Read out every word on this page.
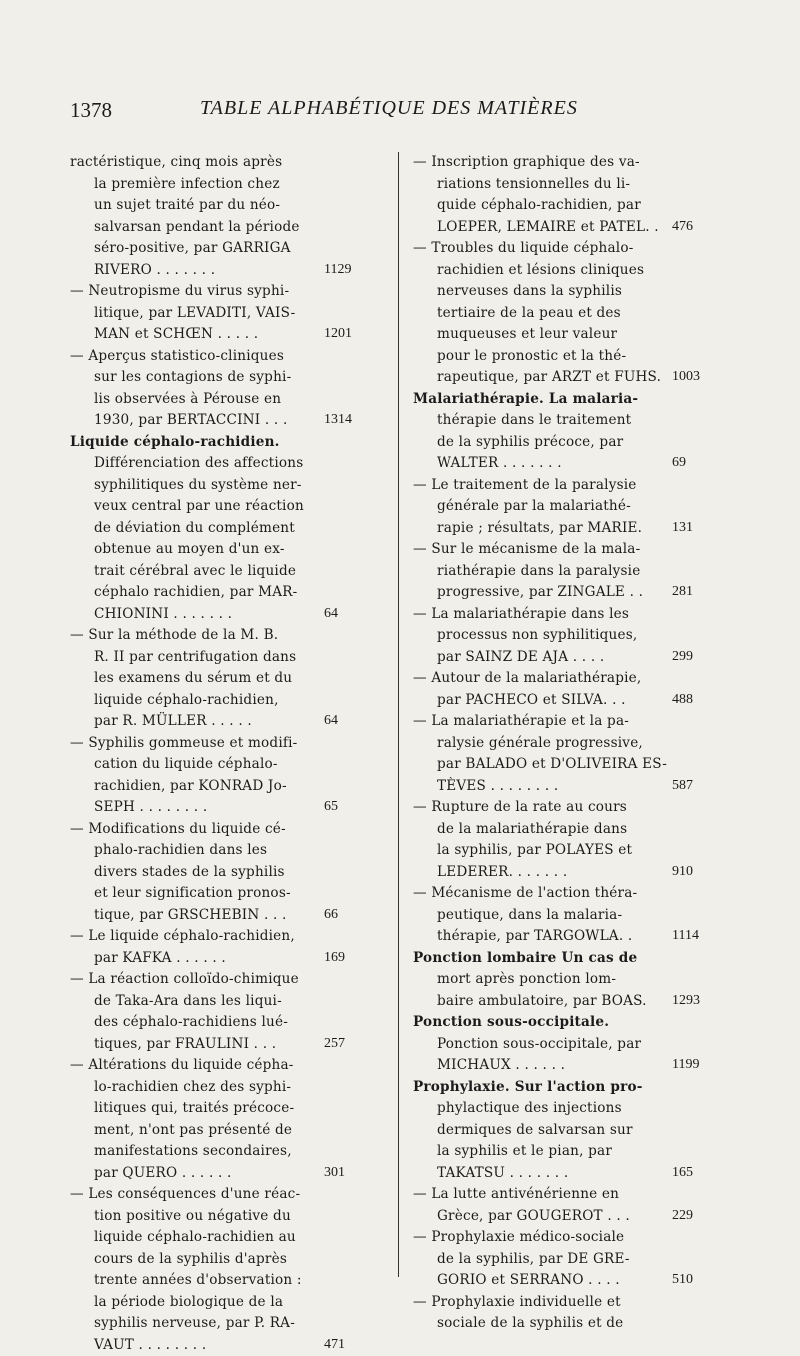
1378	TABLE ALPHABÉTIQUE DES MATIÈRES
ractéristique, cinq mois après
la première infection chez
un sujet traité par du néo-
salvarsan pendant la période
séro-positive, par GARRIGA
RIVERO . . . . . . .
— Neutropisme du virus syphi-
litique, par LEVADITI, VAIS-
MAN et SCHŒN . . . . .
— Aperçus statistico-cliniques
sur les contagions de syphi-
lis observées à Pérouse en
1930, par BERTACCINI . . .
Liquide céphalo-rachidien.
Différenciation des affections
syphilitiques du système ner-
veux central par une réaction
de déviation du complément
obtenue au moyen d'un ex-
trait cérébral avec le liquide
céphalo rachidien, par MAR-
CHIONINI . . . . . . .
— Sur la méthode de la M. B.
R. II par centrifugation dans
les examens du sérum et du
liquide céphalo-rachidien,
par R. MÜLLER . . . . .
— Syphilis gommeuse et modifi-
cation du liquide céphalo-
rachidien, par KONRAD Jo-
SEPH . . . . . . . .
— Modifications du liquide cé-
phalo-rachidien dans les
divers stades de la syphilis
et leur signification pronos-
tique, par GRSCHEBIN . . .
— Le liquide céphalo-rachidien,
par KAFKA . . . . . .
— La réaction colloïdo-chimique
de Taka-Ara dans les liqui-
des céphalo-rachidiens lué-
tiques, par FRAULINI . . .
— Altérations du liquide cépha-
lo-rachidien chez des syphi-
litiques qui, traités précoce-
ment, n'ont pas présenté de
manifestations secondaires,
par QUERO . . . . . .
— Les conséquences d'une réac-
tion positive ou négative du
liquide céphalo-rachidien au
cours de la syphilis d'après
trente années d'observation :
la période biologique de la
syphilis nerveuse, par P. RA-
VAUT . . . . . . . .
1129
1201
1314
64
64
65
66
169
257
301
471
— Inscription graphique des va-
riations tensionnelles du li-
quide céphalo-rachidien, par
LOEPER, LEMAIRE et PATEL. .
— Troubles du liquide céphalo-
rachidien et lésions cliniques
nerveuses dans la syphilis
tertiaire de la peau et des
muqueuses et leur valeur
pour le pronostic et la thé-
rapeutique, par ARZT et FUHS.
Malariathérapie. La malaria-
thérapie dans le traitement
de la syphilis précoce, par
WALTER . . . . . . .
— Le traitement de la paralysie
générale par la malariathé-
rapie ; résultats, par MARIE.
— Sur le mécanisme de la mala-
riathérapie dans la paralysie
progressive, par ZINGALE . .
— La malariathérapie dans les
processus non syphilitiques,
par SAINZ DE AJA . . . .
— Autour de la malariathérapie,
par PACHECO et SILVA. . .
— La malariathérapie et la pa-
ralysie générale progressive,
par BALADO et D'OLIVEIRA ES-
TÈVES . . . . . . . .
— Rupture de la rate au cours
de la malariathérapie dans
la syphilis, par POLAYES et
LEDERER. . . . . . .
— Mécanisme de l'action théra-
peutique, dans la malaria-
thérapie, par TARGOWLA. .
Ponction lombaire Un cas de
mort après ponction lom-
baire ambulatoire, par BOAS.
Ponction sous-occipitale.
Ponction sous-occipitale, par
MICHAUX . . . . . .
Prophylaxie. Sur l'action pro-
phylactique des injections
dermiques de salvarsan sur
la syphilis et le pian, par
TAKATSU . . . . . . .
— La lutte antivénérienne en
Grèce, par GOUGEROT . . .
— Prophylaxie médico-sociale
de la syphilis, par DE GRE-
GORIO et SERRANO . . . .
— Prophylaxie individuelle et
sociale de la syphilis et de
476
1003
69
131
281
299
488
587
910
1114
1293
1199
165
229
510
